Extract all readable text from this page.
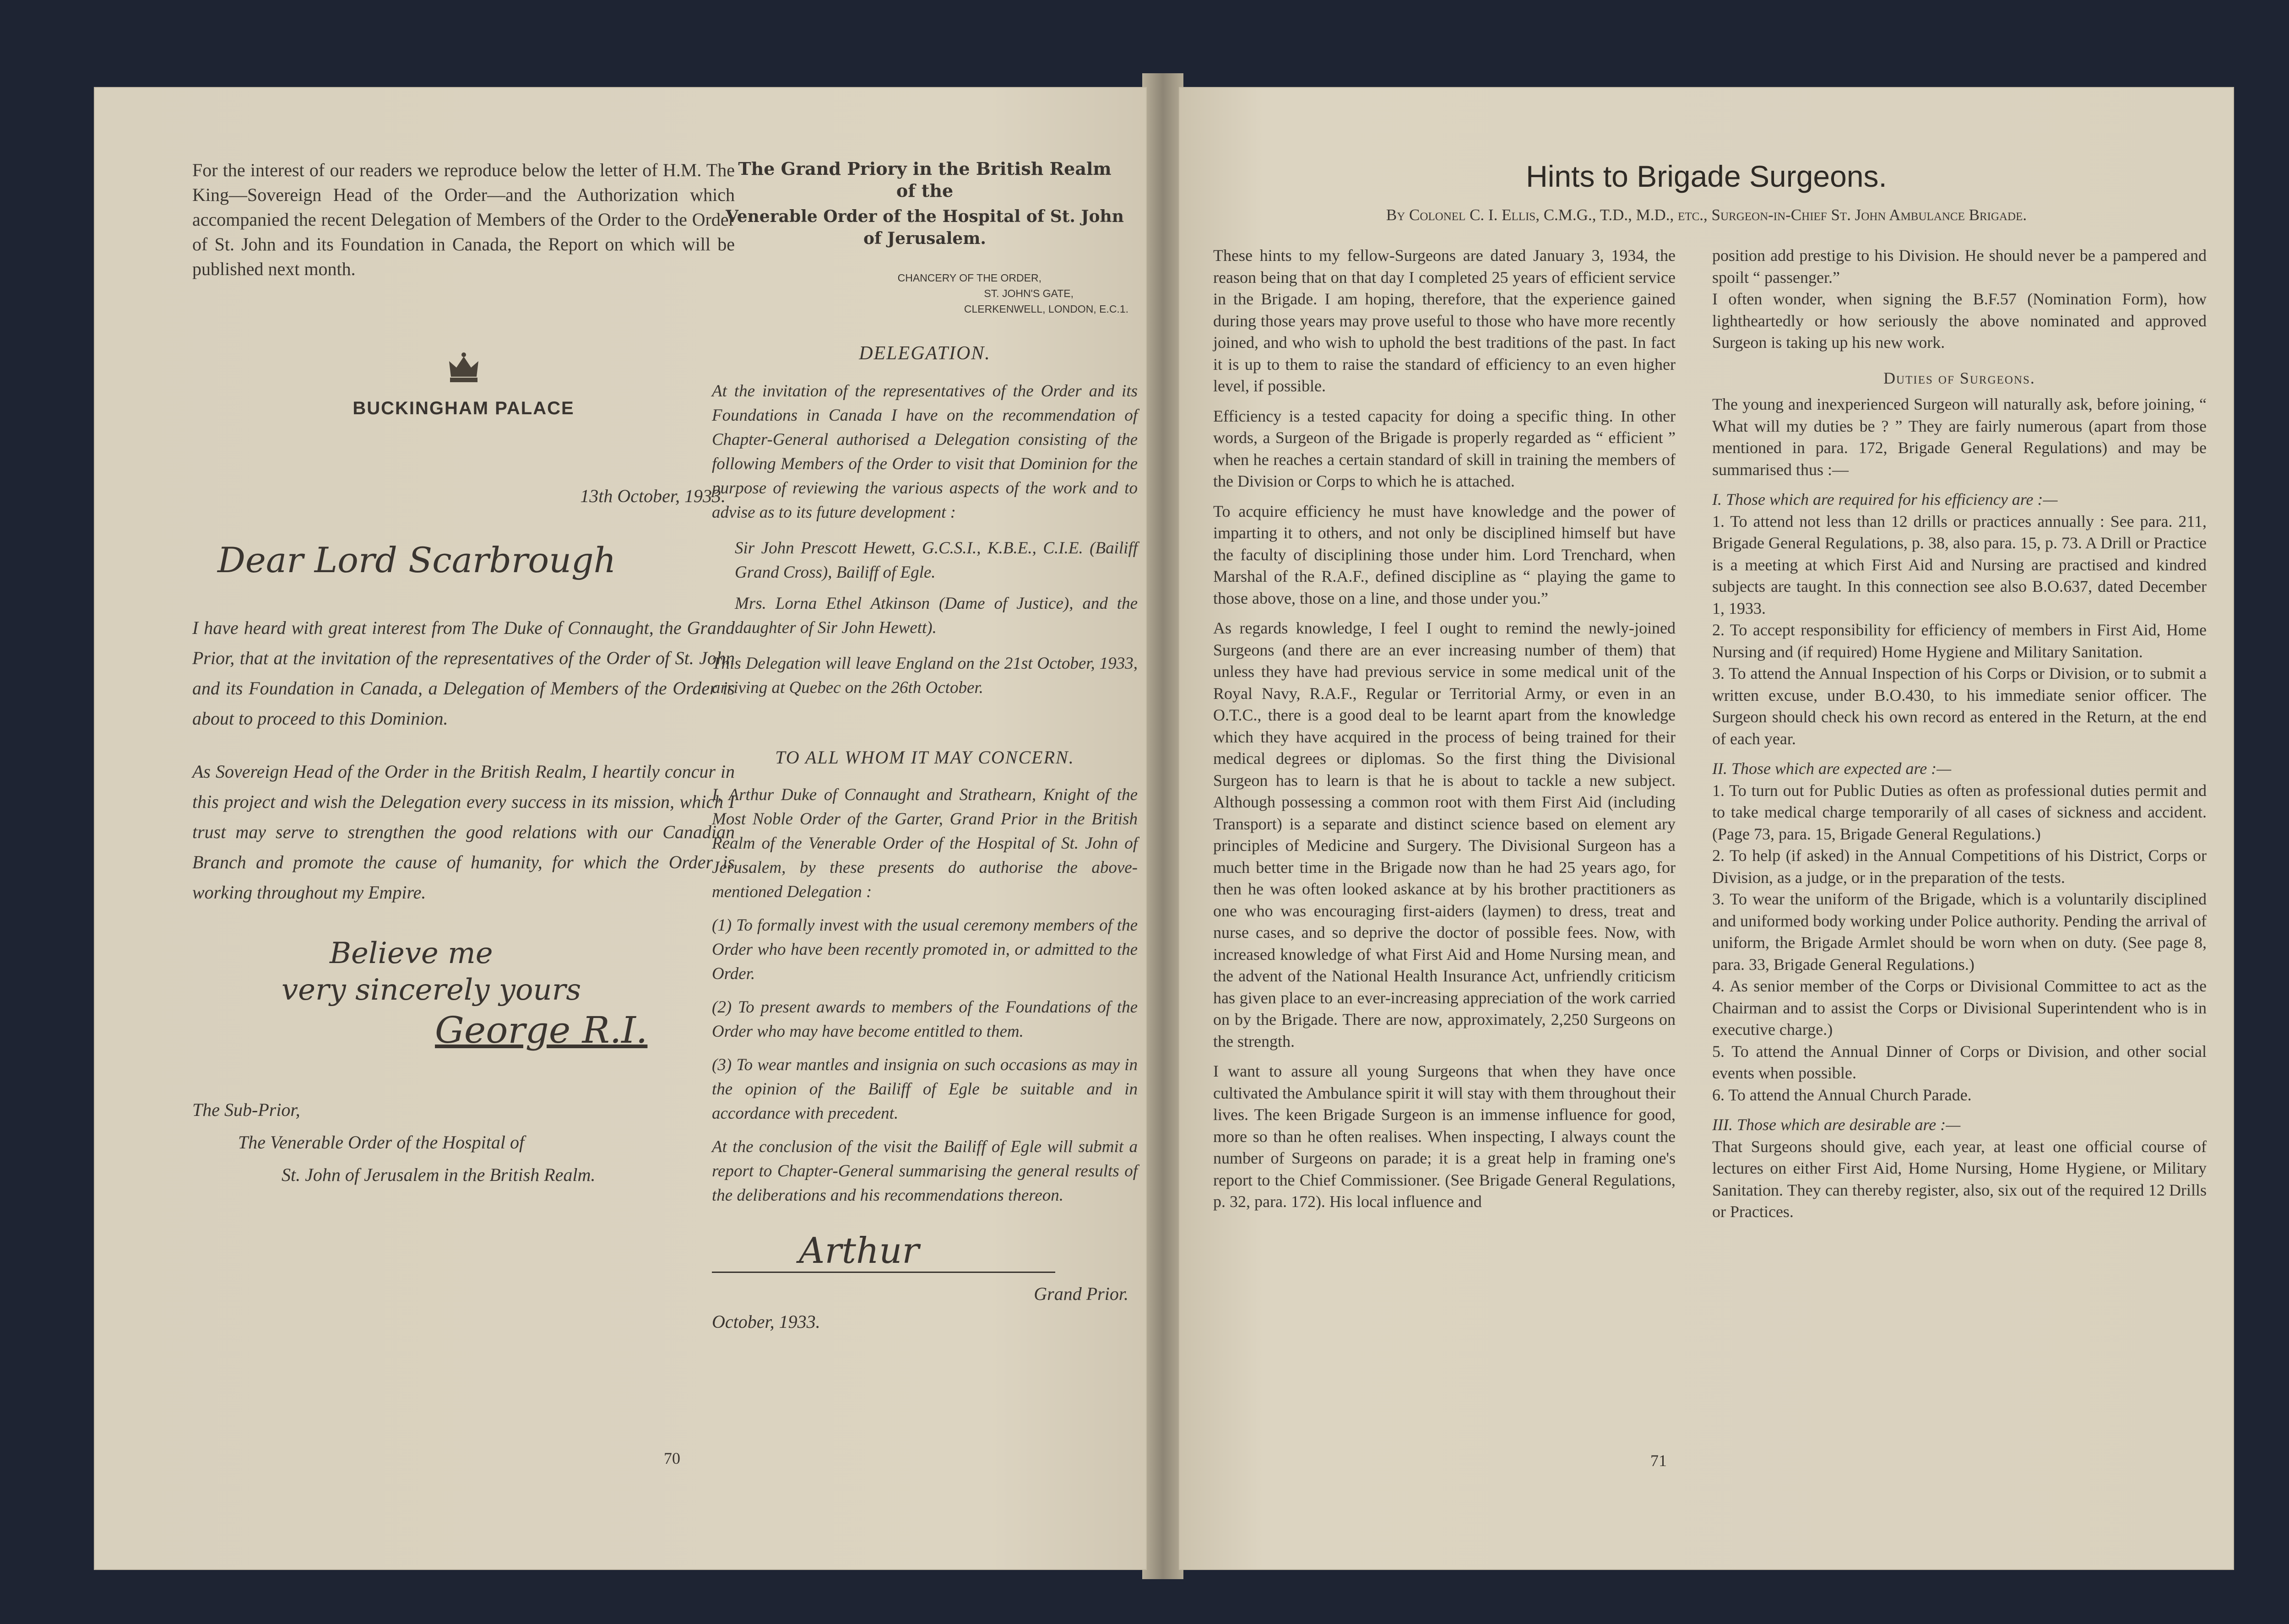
For the interest of our readers we reproduce below the letter of H.M. The King—Sovereign Head of the Order—and the Authorization which accompanied the recent Delegation of Members of the Order to the Order of St. John and its Foundation in Canada, the Report on which will be published next month.

BUCKINGHAM PALACE
13th October, 1933.
Dear Lord Scarbrough

I have heard with great interest from The Duke of Connaught, the Grand Prior, that at the invitation of the representatives of the Order of St. John and its Foundation in Canada, a Delegation of Members of the Order is about to proceed to this Dominion.

As Sovereign Head of the Order in the British Realm, I heartily concur in this project and wish the Delegation every success in its mission, which I trust may serve to strengthen the good relations with our Canadian Branch and promote the cause of humanity, for which the Order is working throughout my Empire.

Believe me
very sincerely yours
George R.I.
The Sub-Prior,
The Venerable Order of the Hospital of
St. John of Jerusalem in the British Realm.
70
The Grand Priory in the British Realm
of the
Venerable Order of the Hospital of St. John
of Jerusalem.
CHANCERY OF THE ORDER,
ST. JOHN'S GATE,
CLERKENWELL, LONDON, E.C.1.
DELEGATION.

At the invitation of the representatives of the Order and its Foundations in Canada I have on the recommendation of Chapter-General authorised a Delegation consisting of the following Members of the Order to visit that Dominion for the purpose of reviewing the various aspects of the work and to advise as to its future development :

Sir John Prescott Hewett, G.C.S.I., K.B.E., C.I.E. (Bailiff Grand Cross), Bailiff of Egle.

Mrs. Lorna Ethel Atkinson (Dame of Justice), and the daughter of Sir John Hewett).

This Delegation will leave England on the 21st October, 1933, arriving at Quebec on the 26th October.

TO ALL WHOM IT MAY CONCERN.

I, Arthur Duke of Connaught and Strathearn, Knight of the Most Noble Order of the Garter, Grand Prior in the British Realm of the Venerable Order of the Hospital of St. John of Jerusalem, by these presents do authorise the above-mentioned Delegation :

(1) To formally invest with the usual ceremony members of the Order who have been recently promoted in, or admitted to the Order.

(2) To present awards to members of the Foundations of the Order who may have become entitled to them.

(3) To wear mantles and insignia on such occasions as may in the opinion of the Bailiff of Egle be suitable and in accordance with precedent.

At the conclusion of the visit the Bailiff of Egle will submit a report to Chapter-General summarising the general results of the deliberations and his recommendations thereon.

Arthur
Grand Prior.
October, 1933.
Hints to Brigade Surgeons.
By Colonel C. I. Ellis, C.M.G., T.D., M.D., etc., Surgeon-in-Chief St. John Ambulance Brigade.

These hints to my fellow-Surgeons are dated January 3, 1934, the reason being that on that day I completed 25 years of efficient service in the Brigade. I am hoping, therefore, that the experience gained during those years may prove useful to those who have more recently joined, and who wish to uphold the best traditions of the past. In fact it is up to them to raise the standard of efficiency to an even higher level, if possible.

Efficiency is a tested capacity for doing a specific thing. In other words, a Surgeon of the Brigade is properly regarded as “ efficient ” when he reaches a certain standard of skill in training the members of the Division or Corps to which he is attached.

To acquire efficiency he must have knowledge and the power of imparting it to others, and not only be disciplined himself but have the faculty of disciplining those under him. Lord Trenchard, when Marshal of the R.A.F., defined discipline as “ playing the game to those above, those on a line, and those under you.”

As regards knowledge, I feel I ought to remind the newly-joined Surgeons (and there are an ever increasing number of them) that unless they have had previous service in some medical unit of the Royal Navy, R.A.F., Regular or Territorial Army, or even in an O.T.C., there is a good deal to be learnt apart from the knowledge which they have acquired in the process of being trained for their medical degrees or diplomas. So the first thing the Divisional Surgeon has to learn is that he is about to tackle a new subject. Although possessing a common root with them First Aid (including Transport) is a separate and distinct science based on element ary principles of Medicine and Surgery. The Divisional Surgeon has a much better time in the Brigade now than he had 25 years ago, for then he was often looked askance at by his brother practitioners as one who was encouraging first-aiders (laymen) to dress, treat and nurse cases, and so deprive the doctor of possible fees. Now, with increased knowledge of what First Aid and Home Nursing mean, and the advent of the National Health Insurance Act, unfriendly criticism has given place to an ever-increasing appreciation of the work carried on by the Brigade. There are now, approximately, 2,250 Surgeons on the strength.

I want to assure all young Surgeons that when they have once cultivated the Ambulance spirit it will stay with them throughout their lives. The keen Brigade Surgeon is an immense influence for good, more so than he often realises. When inspecting, I always count the number of Surgeons on parade; it is a great help in framing one's report to the Chief Commissioner. (See Brigade General Regulations, p. 32, para. 172). His local influence and

position add prestige to his Division. He should never be a pampered and spoilt “ passenger.”

I often wonder, when signing the B.F.57 (Nomination Form), how lightheartedly or how seriously the above nominated and approved Surgeon is taking up his new work.

Duties of Surgeons.

The young and inexperienced Surgeon will naturally ask, before joining, “ What will my duties be ? ” They are fairly numerous (apart from those mentioned in para. 172, Brigade General Regulations) and may be summarised thus :—

I. Those which are required for his efficiency are :—

1. To attend not less than 12 drills or practices annually : See para. 211, Brigade General Regulations, p. 38, also para. 15, p. 73. A Drill or Practice is a meeting at which First Aid and Nursing are practised and kindred subjects are taught. In this connection see also B.O.637, dated December 1, 1933.

2. To accept responsibility for efficiency of members in First Aid, Home Nursing and (if required) Home Hygiene and Military Sanitation.

3. To attend the Annual Inspection of his Corps or Division, or to submit a written excuse, under B.O.430, to his immediate senior officer. The Surgeon should check his own record as entered in the Return, at the end of each year.

II. Those which are expected are :—

1. To turn out for Public Duties as often as professional duties permit and to take medical charge temporarily of all cases of sickness and accident. (Page 73, para. 15, Brigade General Regulations.)

2. To help (if asked) in the Annual Competitions of his District, Corps or Division, as a judge, or in the preparation of the tests.

3. To wear the uniform of the Brigade, which is a voluntarily disciplined and uniformed body working under Police authority. Pending the arrival of uniform, the Brigade Armlet should be worn when on duty. (See page 8, para. 33, Brigade General Regulations.)

4. As senior member of the Corps or Divisional Committee to act as the Chairman and to assist the Corps or Divisional Superintendent who is in executive charge.)

5. To attend the Annual Dinner of Corps or Division, and other social events when possible.

6. To attend the Annual Church Parade.

III. Those which are desirable are :—

That Surgeons should give, each year, at least one official course of lectures on either First Aid, Home Nursing, Home Hygiene, or Military Sanitation. They can thereby register, also, six out of the required 12 Drills or Practices.

71
